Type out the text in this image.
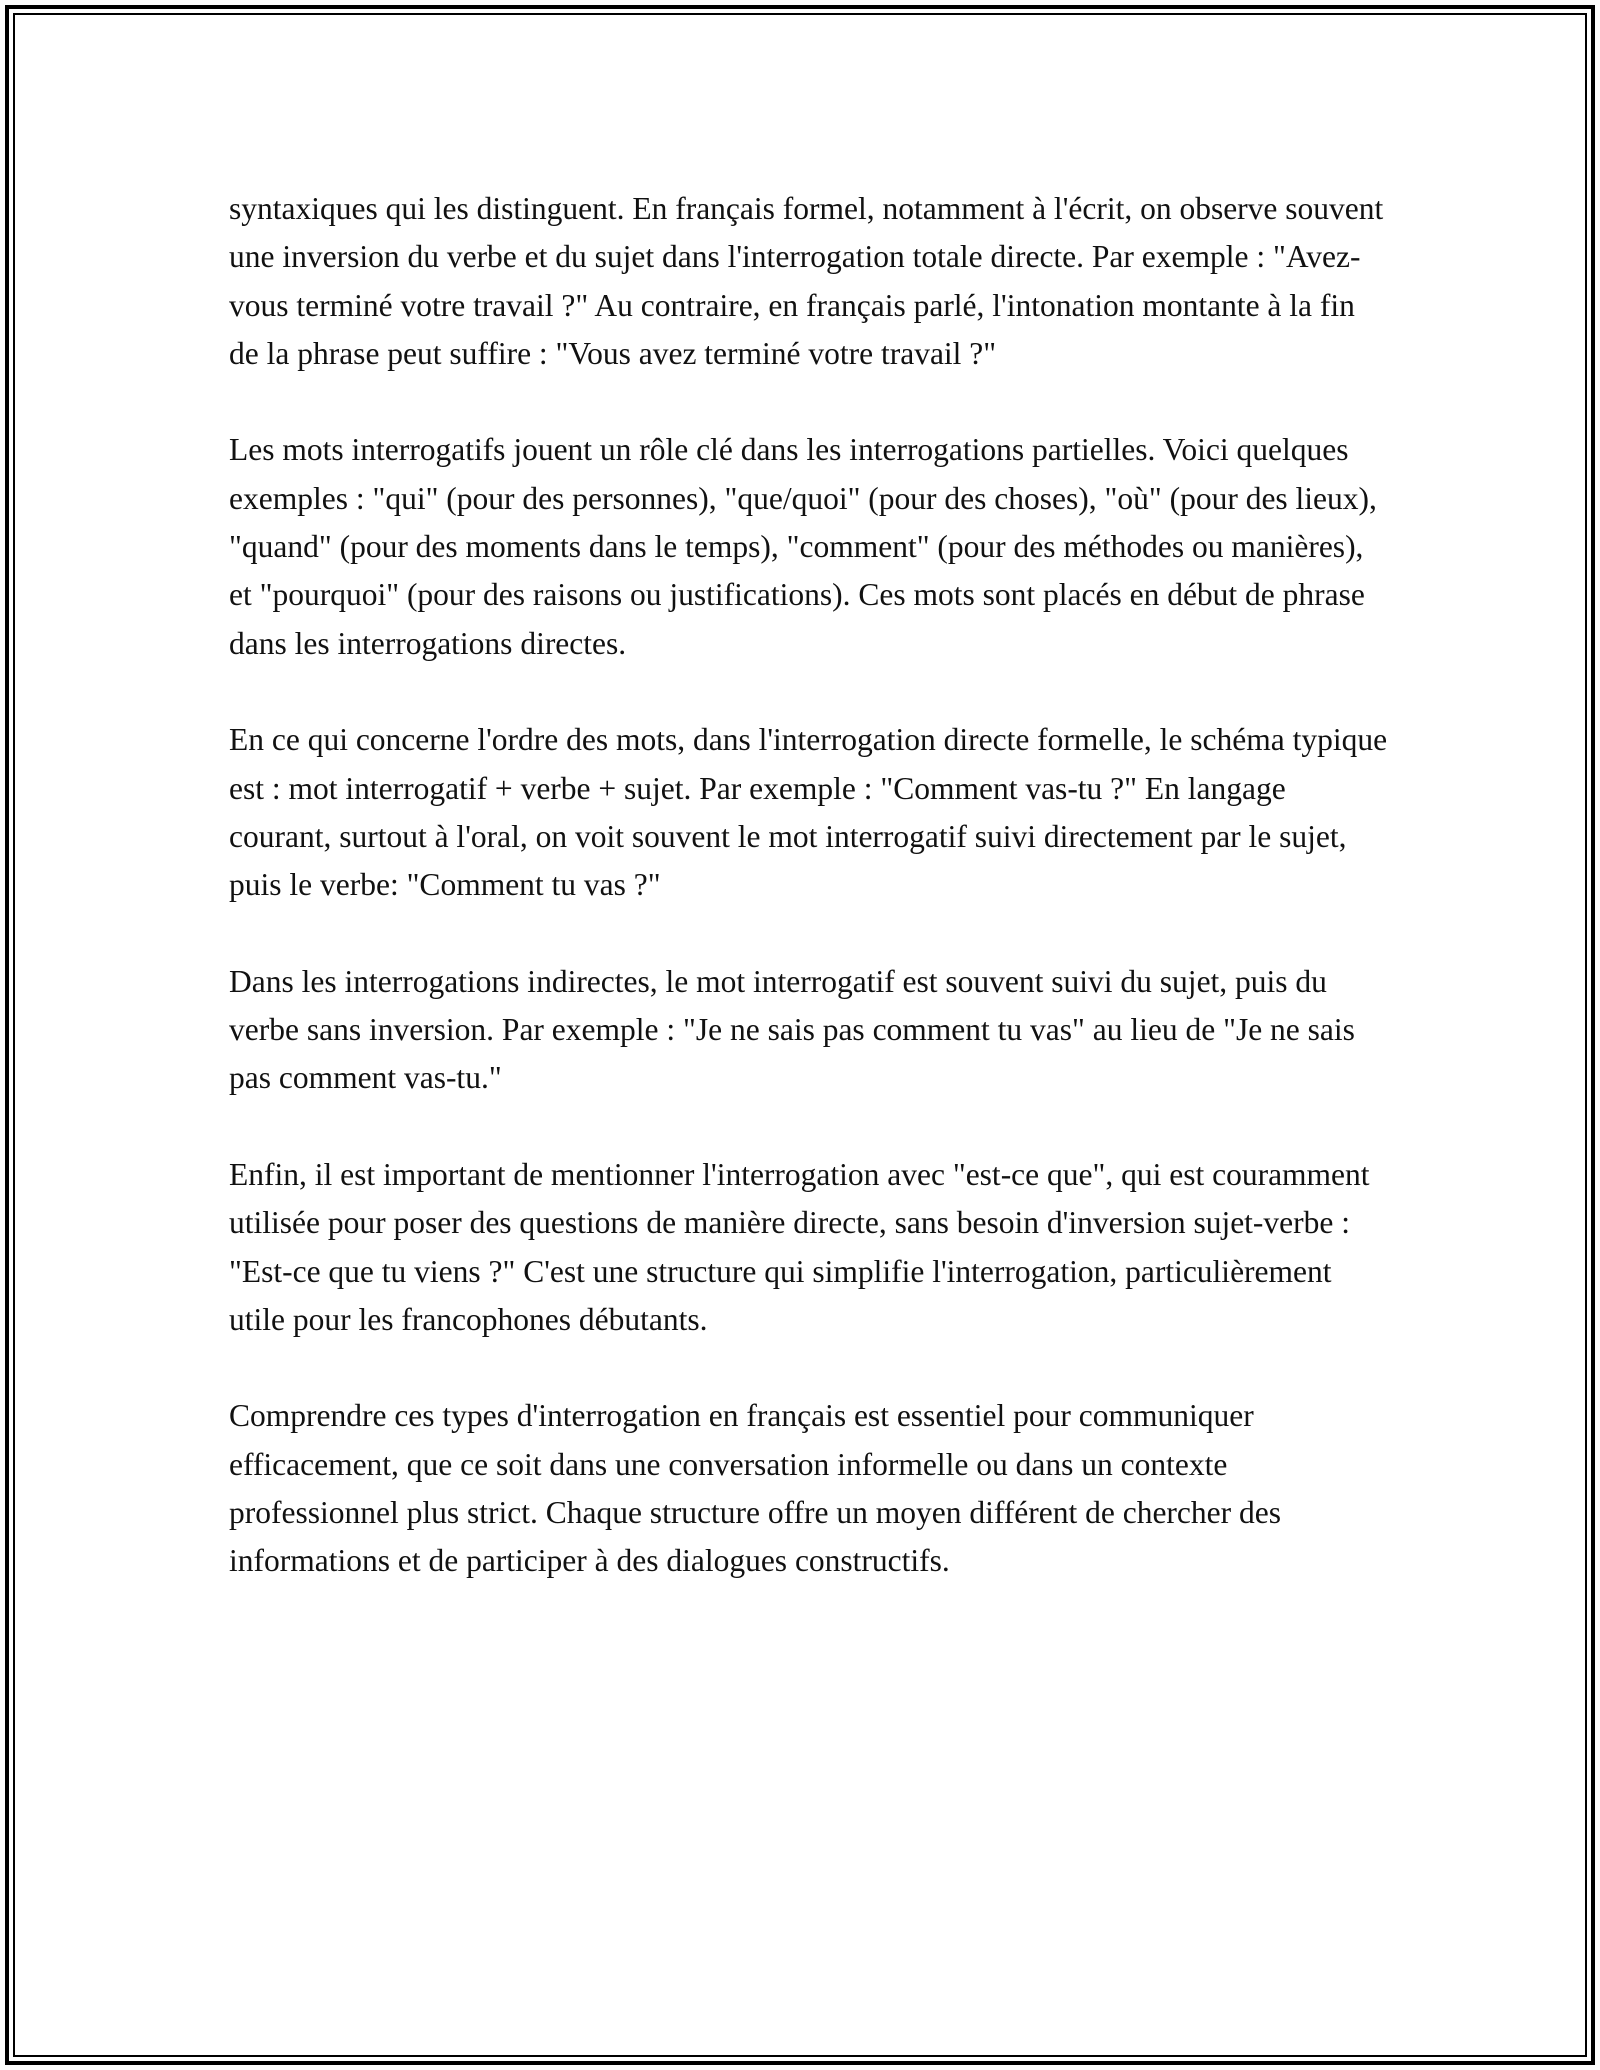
syntaxiques qui les distinguent. En français formel, notamment à l'écrit, on observe souvent une inversion du verbe et du sujet dans l'interrogation totale directe. Par exemple : "Avez-vous terminé votre travail ?" Au contraire, en français parlé, l'intonation montante à la fin de la phrase peut suffire : "Vous avez terminé votre travail ?"

Les mots interrogatifs jouent un rôle clé dans les interrogations partielles. Voici quelques exemples : "qui" (pour des personnes), "que/quoi" (pour des choses), "où" (pour des lieux), "quand" (pour des moments dans le temps), "comment" (pour des méthodes ou manières), et "pourquoi" (pour des raisons ou justifications). Ces mots sont placés en début de phrase dans les interrogations directes.

En ce qui concerne l'ordre des mots, dans l'interrogation directe formelle, le schéma typique est : mot interrogatif + verbe + sujet. Par exemple : "Comment vas-tu ?" En langage courant, surtout à l'oral, on voit souvent le mot interrogatif suivi directement par le sujet, puis le verbe: "Comment tu vas ?"

Dans les interrogations indirectes, le mot interrogatif est souvent suivi du sujet, puis du verbe sans inversion. Par exemple : "Je ne sais pas comment tu vas" au lieu de "Je ne sais pas comment vas-tu."

Enfin, il est important de mentionner l'interrogation avec "est-ce que", qui est couramment utilisée pour poser des questions de manière directe, sans besoin d'inversion sujet-verbe : "Est-ce que tu viens ?" C'est une structure qui simplifie l'interrogation, particulièrement utile pour les francophones débutants.

Comprendre ces types d'interrogation en français est essentiel pour communiquer efficacement, que ce soit dans une conversation informelle ou dans un contexte professionnel plus strict. Chaque structure offre un moyen différent de chercher des informations et de participer à des dialogues constructifs.
